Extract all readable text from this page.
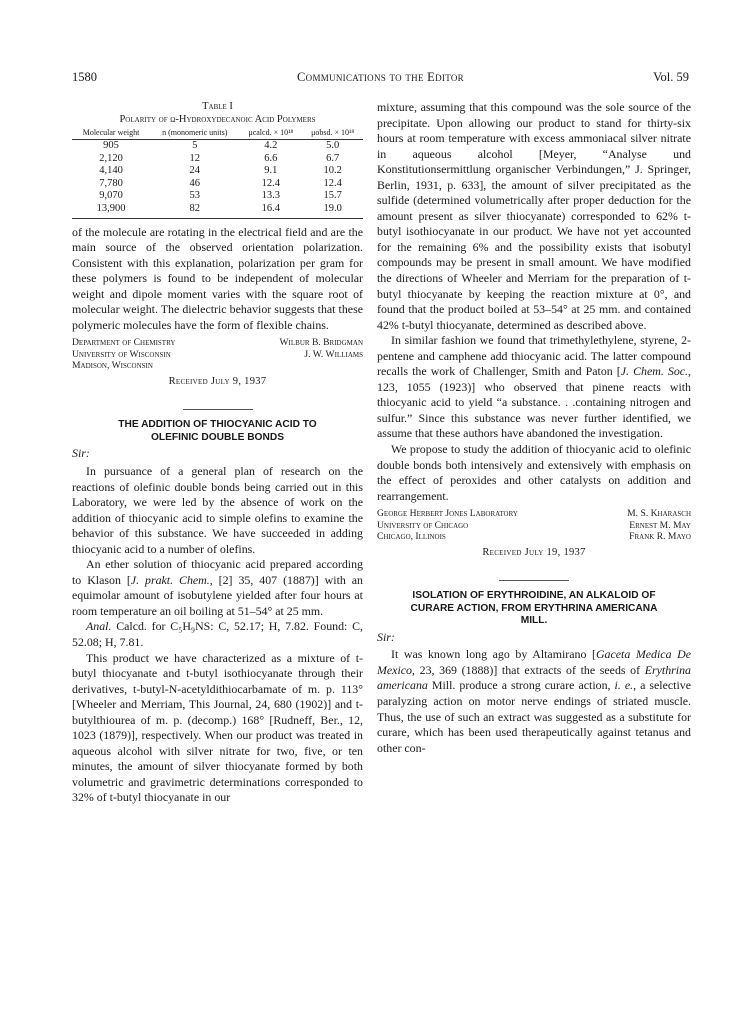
1580	Communications to the Editor	Vol. 59
Table I
Polarity of ω-Hydroxydecanoic Acid Polymers
Molecular weight	n (monomeric units)	μcalcd. × 10¹⁸	μobsd. × 10¹⁸
905	5	4.2	5.0
2,120	12	6.6	6.7
4,140	24	9.1	10.2
7,780	46	12.4	12.4
9,070	53	13.3	15.7
13,900	82	16.4	19.0

of the molecule are rotating in the electrical field and are the main source of the observed orientation polarization. Consistent with this explanation, polarization per gram for these polymers is found to be independent of molecular weight and dipole moment varies with the square root of molecular weight. The dielectric behavior suggests that these polymeric molecules have the form of flexible chains.

Department of Chemistry	Wilbur B. Bridgman
University of Wisconsin	J. W. Williams
Madison, Wisconsin
Received July 9, 1937
THE ADDITION OF THIOCYANIC ACID TO
OLEFINIC DOUBLE BONDS

Sir:

In pursuance of a general plan of research on the reactions of olefinic double bonds being carried out in this Laboratory, we were led by the absence of work on the addition of thiocyanic acid to simple olefins to examine the behavior of this substance. We have succeeded in adding thiocyanic acid to a number of olefins.

An ether solution of thiocyanic acid prepared according to Klason [J. prakt. Chem., [2] 35, 407 (1887)] with an equimolar amount of isobutylene yielded after four hours at room temperature an oil boiling at 51–54° at 25 mm.

Anal. Calcd. for C₅H₉NS: C, 52.17; H, 7.82. Found: C, 52.08; H, 7.81.

This product we have characterized as a mixture of t-butyl thiocyanate and t-butyl isothiocyanate through their derivatives, t-butyl-N-acetyldithiocarbamate of m. p. 113° [Wheeler and Merriam, This Journal, 24, 680 (1902)] and t-butylthiourea of m. p. (decomp.) 168° [Rudneff, Ber., 12, 1023 (1879)], respectively. When our product was treated in aqueous alcohol with silver nitrate for two, five, or ten minutes, the amount of silver thiocyanate formed by both volumetric and gravimetric determinations corresponded to 32% of t-butyl thiocyanate in our

mixture, assuming that this compound was the sole source of the precipitate. Upon allowing our product to stand for thirty-six hours at room temperature with excess ammoniacal silver nitrate in aqueous alcohol [Meyer, “Analyse und Konstitutionsermittlung organischer Verbindungen,” J. Springer, Berlin, 1931, p. 633], the amount of silver precipitated as the sulfide (determined volumetrically after proper deduction for the amount present as silver thiocyanate) corresponded to 62% t-butyl isothiocyanate in our product. We have not yet accounted for the remaining 6% and the possibility exists that isobutyl compounds may be present in small amount. We have modified the directions of Wheeler and Merriam for the preparation of t-butyl thiocyanate by keeping the reaction mixture at 0°, and found that the product boiled at 53–54° at 25 mm. and contained 42% t-butyl thiocyanate, determined as described above.

In similar fashion we found that trimethylethylene, styrene, 2-pentene and camphene add thiocyanic acid. The latter compound recalls the work of Challenger, Smith and Paton [J. Chem. Soc., 123, 1055 (1923)] who observed that pinene reacts with thiocyanic acid to yield “a substance. . .containing nitrogen and sulfur.” Since this substance was never further identified, we assume that these authors have abandoned the investigation.

We propose to study the addition of thiocyanic acid to olefinic double bonds both intensively and extensively with emphasis on the effect of peroxides and other catalysts on addition and rearrangement.

George Herbert Jones Laboratory	M. S. Kharasch
University of Chicago	Ernest M. May
Chicago, Illinois	Frank R. Mayo
Received July 19, 1937
ISOLATION OF ERYTHROIDINE, AN ALKALOID OF
CURARE ACTION, FROM ERYTHRINA AMERICANA
MILL.

Sir:

It was known long ago by Altamirano [Gaceta Medica De Mexico, 23, 369 (1888)] that extracts of the seeds of Erythrina americana Mill. produce a strong curare action, i. e., a selective paralyzing action on motor nerve endings of striated muscle. Thus, the use of such an extract was suggested as a substitute for curare, which has been used therapeutically against tetanus and other con-
